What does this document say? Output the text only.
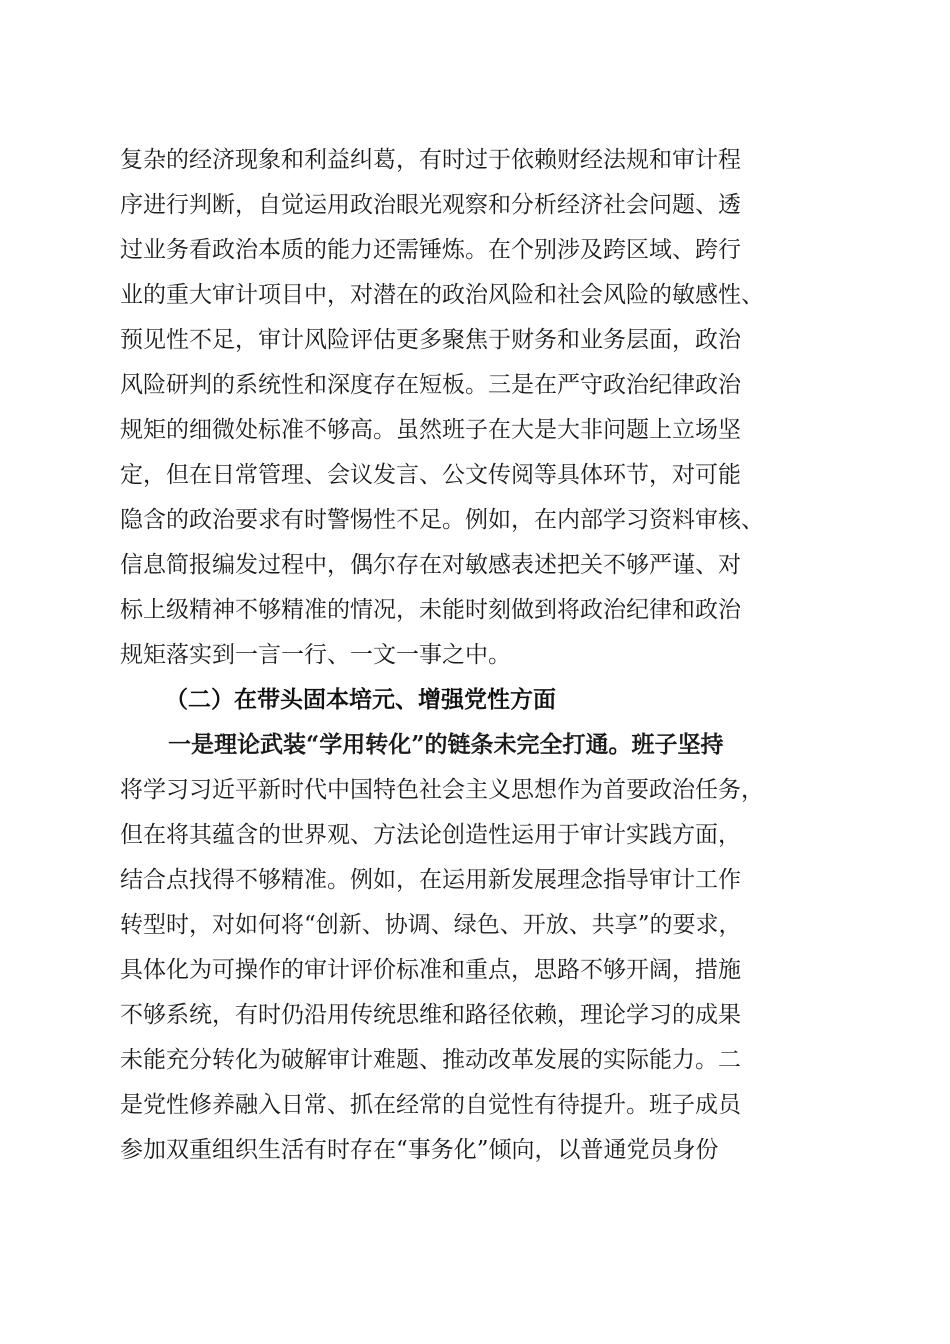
复杂的经济现象和利益纠葛，有时过于依赖财经法规和审计程
序进行判断，自觉运用政治眼光观察和分析经济社会问题、透
过业务看政治本质的能力还需锤炼。在个别涉及跨区域、跨行
业的重大审计项目中，对潜在的政治风险和社会风险的敏感性、
预见性不足，审计风险评估更多聚焦于财务和业务层面，政治
风险研判的系统性和深度存在短板。三是在严守政治纪律政治
规矩的细微处标准不够高。虽然班子在大是大非问题上立场坚
定，但在日常管理、会议发言、公文传阅等具体环节，对可能
隐含的政治要求有时警惕性不足。例如，在内部学习资料审核、
信息简报编发过程中，偶尔存在对敏感表述把关不够严谨、对
标上级精神不够精准的情况，未能时刻做到将政治纪律和政治
规矩落实到一言一行、一文一事之中。
（二）在带头固本培元、增强党性方面
一是理论武装“学用转化”的链条未完全打通。班子坚持
将学习习近平新时代中国特色社会主义思想作为首要政治任务，
但在将其蕴含的世界观、方法论创造性运用于审计实践方面，
结合点找得不够精准。例如，在运用新发展理念指导审计工作
转型时，对如何将“创新、协调、绿色、开放、共享”的要求，
具体化为可操作的审计评价标准和重点，思路不够开阔，措施
不够系统，有时仍沿用传统思维和路径依赖，理论学习的成果
未能充分转化为破解审计难题、推动改革发展的实际能力。二
是党性修养融入日常、抓在经常的自觉性有待提升。班子成员
参加双重组织生活有时存在“事务化”倾向，以普通党员身份
